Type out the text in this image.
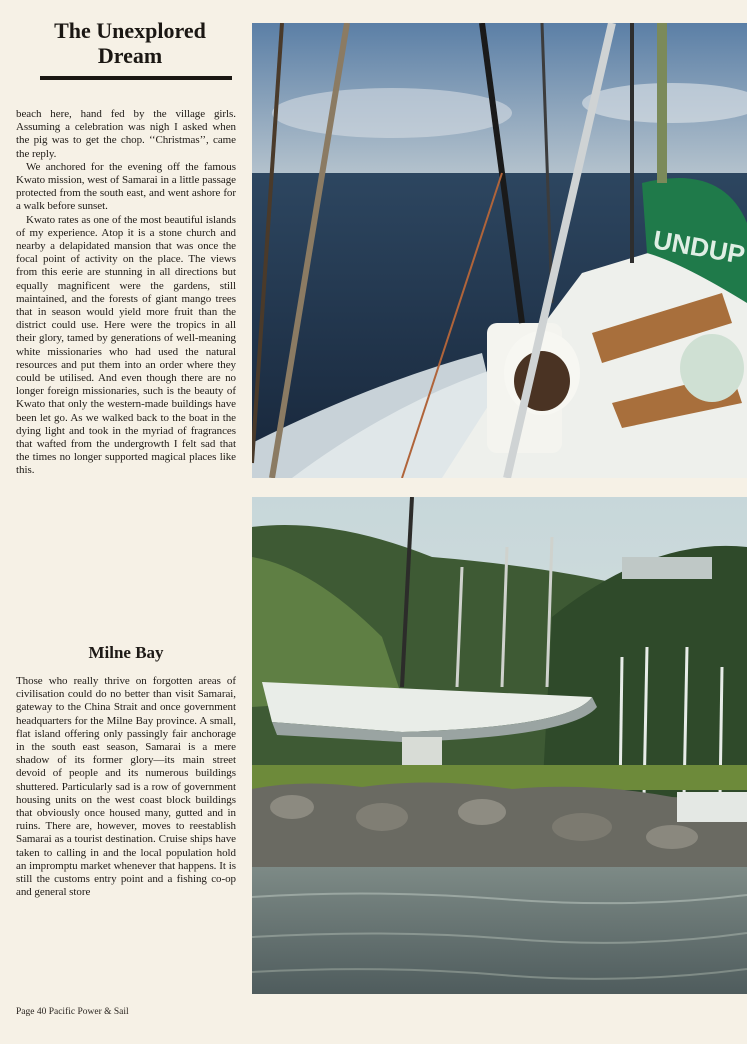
The Unexplored
Dream

beach here, hand fed by the village girls. Assuming a celebration was nigh I asked when the pig was to get the chop. ‘‘Christmas’’, came the reply.

We anchored for the evening off the famous Kwato mission, west of Samarai in a little passage protected from the south east, and went ashore for a walk before sunset.

Kwato rates as one of the most beautiful islands of my experience. Atop it is a stone church and nearby a delapidated mansion that was once the focal point of activity on the place. The views from this eerie are stunning in all directions but equally magnificent were the gardens, still maintained, and the forests of giant mango trees that in season would yield more fruit than the district could use. Here were the tropics in all their glory, tamed by generations of well-meaning white missionaries who had used the natural resources and put them into an order where they could be utilised. And even though there are no longer foreign missionaries, such is the beauty of Kwato that only the western-made buildings have been let go. As we walked back to the boat in the dying light and took in the myriad of fragrances that wafted from the undergrowth I felt sad that the times no longer supported magical places like this.

Milne Bay

Those who really thrive on forgotten areas of civilisation could do no better than visit Samarai, gateway to the China Strait and once government headquarters for the Milne Bay province. A small, flat island offering only passingly fair anchorage in the south east season, Samarai is a mere shadow of its former glory—its main street devoid of people and its numerous buildings shuttered. Particularly sad is a row of government housing units on the west coast block buildings that obviously once housed many, gutted and in ruins. There are, however, moves to reestablish Samarai as a tourist destination. Cruise ships have taken to calling in and the local population hold an impromptu market whenever that happens. It is still the customs entry point and a fishing co-op and general store

Page 40 Pacific Power & Sail
UNDUP
